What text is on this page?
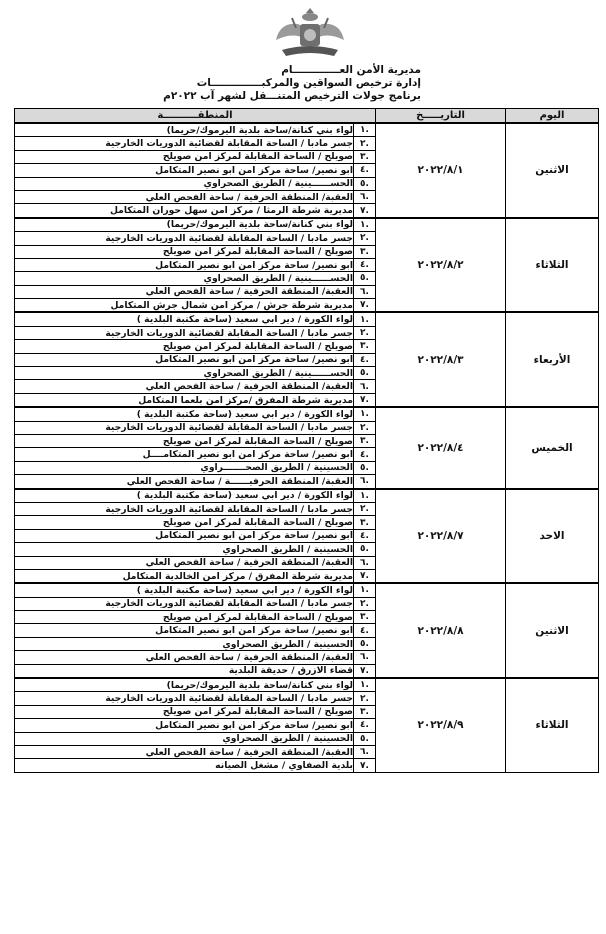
مديرية الأمن العـــــــــــــام
إدارة ترخيص السواقين والمركبــــــــــــــات
برنامج جولات الترخيص المتنـــقل لشهر آب ٢٠٢٢م
اليوم	التاريـــــخ	المنطقــــــــــة	
الاثنين	٢٠٢٢/٨/١	.١	لواء بني كنانة/ساحة بلدية اليرموك/حريما)
		.٢	جسر مادبا / الساحة المقابلة لقضائية الدوريات الخارجية
		.٣	صويلح / الساحة المقابلة لمركز امن صويلح
		.٤	ابو نصير/ ساحة مركز امن ابو نصير المتكامل
		.٥	الحســــــينية / الطريق الصحراوي
		.٦	العقبة/ المنطقة الحرفية / ساحة الفحص العلي
		.٧	مديرية شرطة الرمثا / مركز امن سهل حوران المتكامل
الثلاثاء	٢٠٢٢/٨/٢	.١	لواء بني كنانة/ساحة بلدية اليرموك/حريما)
		.٢	جسر مادبا / الساحة المقابلة لقضائية الدوريات الخارجية
		.٣	صويلح / الساحة المقابلة لمركز امن صويلح
		.٤	ابو نصير/ ساحة مركز امن ابو نصير المتكامل
		.٥	الحســــــينية / الطريق الصحراوي
		.٦	العقبة/ المنطقة الحرفية / ساحة الفحص العلي
		.٧	مديرية شرطة جرش / مركز امن شمال جرش المتكامل
الأربعاء	٢٠٢٢/٨/٣	.١	لواء الكورة / دير ابي سعيد (ساحة مكتبة البلدية )
		.٢	جسر مادبا / الساحة المقابلة لقضائية الدوريات الخارجية
		.٣	صويلح / الساحة المقابلة لمركز امن صويلح
		.٤	ابو نصير/ ساحة مركز امن ابو نصير المتكامل
		.٥	الحســــــينية / الطريق الصحراوي
		.٦	العقبة/ المنطقة الحرفية / ساحة الفحص العلي
		.٧	مديرية شرطة المفرق /مركز امن بلعما المتكامل
الخميس	٢٠٢٢/٨/٤	.١	لواء الكورة / دير ابي سعيد (ساحة مكتبة البلدية )
		.٢	جسر مادبا / الساحة المقابلة لقضائية الدوريات الخارجية
		.٣	صويلح / الساحة المقابلة لمركز امن صويلح
		.٤	ابو نصير/ ساحة مركز امن ابو نصير المتكامــــل
		.٥	الحسينية / الطريق الصحـــــــراوي
		.٦	العقبة/ المنطقة الحرفيــــــة / ساحة الفحص العلي
الاحد	٢٠٢٢/٨/٧	.١	لواء الكورة / دير ابي سعيد (ساحة مكتبة البلدية )
		.٢	جسر مادبا / الساحة المقابلة لقضائية الدوريات الخارجية
		.٣	صويلح / الساحة المقابلة لمركز امن صويلح
		.٤	ابو نصير/ ساحة مركز امن ابو نصير المتكامل
		.٥	الحسينية / الطريق الصحراوي
		.٦	العقبة/ المنطقة الحرفية / ساحة الفحص العلي
		.٧	مديرية شرطة المفرق / مركز امن الخالدية المتكامل
الاثنين	٢٠٢٢/٨/٨	.١	لواء الكورة / دير ابي سعيد (ساحة مكتبة البلدية )
		.٢	جسر مادبا / الساحة المقابلة لقضائية الدوريات الخارجية
		.٣	صويلح / الساحة المقابلة لمركز امن صويلح
		.٤	ابو نصير/ ساحة مركز امن ابو نصير المتكامل
		.٥	الحسينية / الطريق الصحراوي
		.٦	العقبة/ المنطقة الحرفية / ساحة الفحص العلي
		.٧	قضاء الازرق / حديقة البلدية
الثلاثاء	٢٠٢٢/٨/٩	.١	لواء بني كنانة/ساحة بلدية اليرموك/حريما)
		.٢	جسر مادبا / الساحة المقابلة لقضائية الدوريات الخارجية
		.٣	صويلح / الساحة المقابلة لمركز امن صويلح
		.٤	ابو نصير/ ساحة مركز امن ابو نصير المتكامل
		.٥	الحسينية / الطريق الصحراوي
		.٦	العقبة/ المنطقة الحرفية / ساحة الفحص العلي
		.٧	بلدية الصفاوي / مشغل الصيانه
